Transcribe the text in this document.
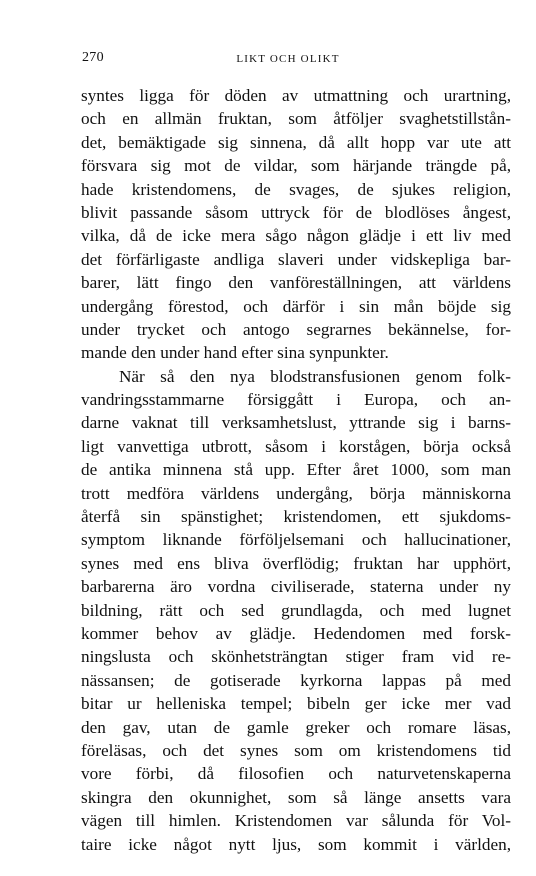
270	LIKT OCH OLIKT
syntes ligga för döden av utmattning och urartning,
och en allmän fruktan, som åtföljer svaghetstillstån-
det, bemäktigade sig sinnena, då allt hopp var ute att
försvara sig mot de vildar, som härjande trängde på,
hade kristendomens, de svages, de sjukes religion,
blivit passande såsom uttryck för de blodlöses ångest,
vilka, då de icke mera sågo någon glädje i ett liv med
det förfärligaste andliga slaveri under vidskepliga bar-
barer, lätt fingo den vanföreställningen, att världens
undergång förestod, och därför i sin mån böjde sig
under trycket och antogo segrarnes bekännelse, for-
mande den under hand efter sina synpunkter.
När så den nya blodstransfusionen genom folk-
vandringsstammarne försiggått i Europa, och an-
darne vaknat till verksamhetslust, yttrande sig i barns-
ligt vanvettiga utbrott, såsom i korstågen, börja också
de antika minnena stå upp. Efter året 1000, som man
trott medföra världens undergång, börja människorna
återfå sin spänstighet; kristendomen, ett sjukdoms-
symptom liknande förföljelsemani och hallucinationer,
synes med ens bliva överflödig; fruktan har upphört,
barbarerna äro vordna civiliserade, staterna under ny
bildning, rätt och sed grundlagda, och med lugnet
kommer behov av glädje. Hedendomen med forsk-
ningslusta och skönhetsträngtan stiger fram vid re-
nässansen; de gotiserade kyrkorna lappas på med
bitar ur helleniska tempel; bibeln ger icke mer vad
den gav, utan de gamle greker och romare läsas,
föreläsas, och det synes som om kristendomens tid
vore förbi, då filosofien och naturvetenskaperna
skingra den okunnighet, som så länge ansetts vara
vägen till himlen. Kristendomen var sålunda för Vol-
taire icke något nytt ljus, som kommit i världen,
